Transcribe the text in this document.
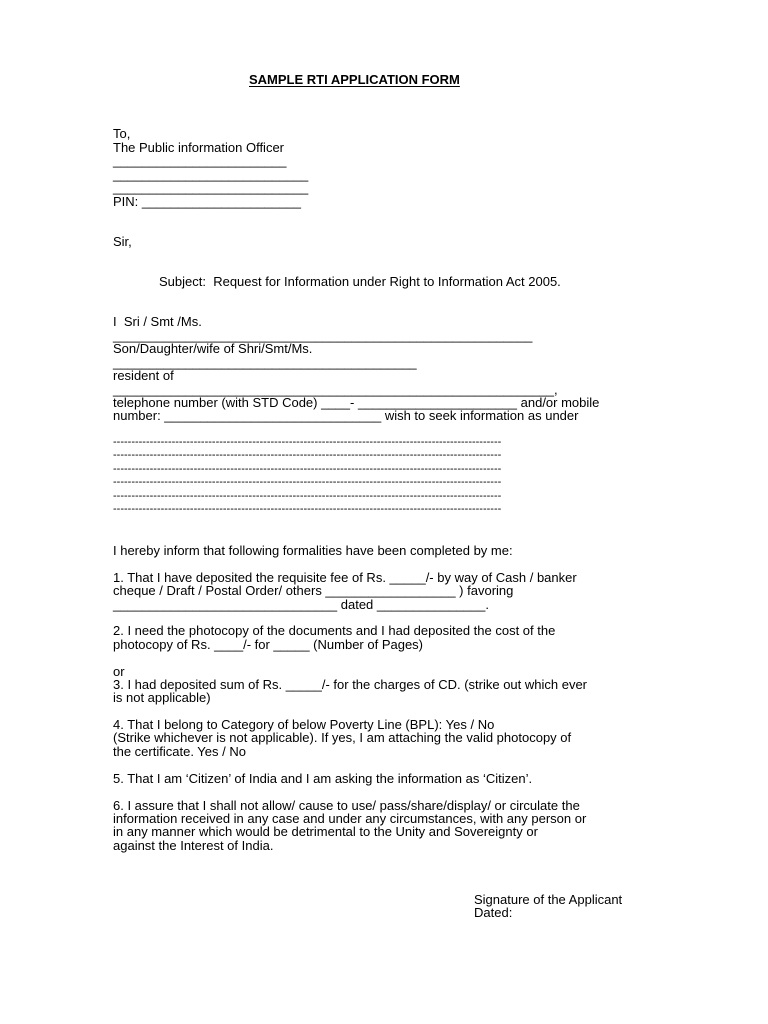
SAMPLE RTI APPLICATION FORM
To,
The Public information Officer
________________________
___________________________
___________________________
PIN: ______________________
Sir,
Subject:  Request for Information under Right to Information Act 2005.
I  Sri / Smt /Ms.
__________________________________________________________
Son/Daughter/wife of Shri/Smt/Ms.
__________________________________________
resident of
_____________________________________________________________,
telephone number (with STD Code) ____- ______________________ and/or mobile
number: ______________________________ wish to seek information as under
----------------------------------------------------------------------------------------------------------
----------------------------------------------------------------------------------------------------------
----------------------------------------------------------------------------------------------------------
----------------------------------------------------------------------------------------------------------
----------------------------------------------------------------------------------------------------------
----------------------------------------------------------------------------------------------------------
I hereby inform that following formalities have been completed by me:
1. That I have deposited the requisite fee of Rs. _____/- by way of Cash / banker
cheque / Draft / Postal Order/ others __________________ ) favoring
_______________________________ dated _______________.
2. I need the photocopy of the documents and I had deposited the cost of the
photocopy of Rs. ____/- for _____ (Number of Pages)
or
3. I had deposited sum of Rs. _____/- for the charges of CD. (strike out which ever
is not applicable)
4. That I belong to Category of below Poverty Line (BPL): Yes / No
(Strike whichever is not applicable). If yes, I am attaching the valid photocopy of
the certificate. Yes / No
5. That I am ‘Citizen’ of India and I am asking the information as ‘Citizen’.
6. I assure that I shall not allow/ cause to use/ pass/share/display/ or circulate the
information received in any case and under any circumstances, with any person or
in any manner which would be detrimental to the Unity and Sovereignty or
against the Interest of India.
Signature of the Applicant
Dated:
